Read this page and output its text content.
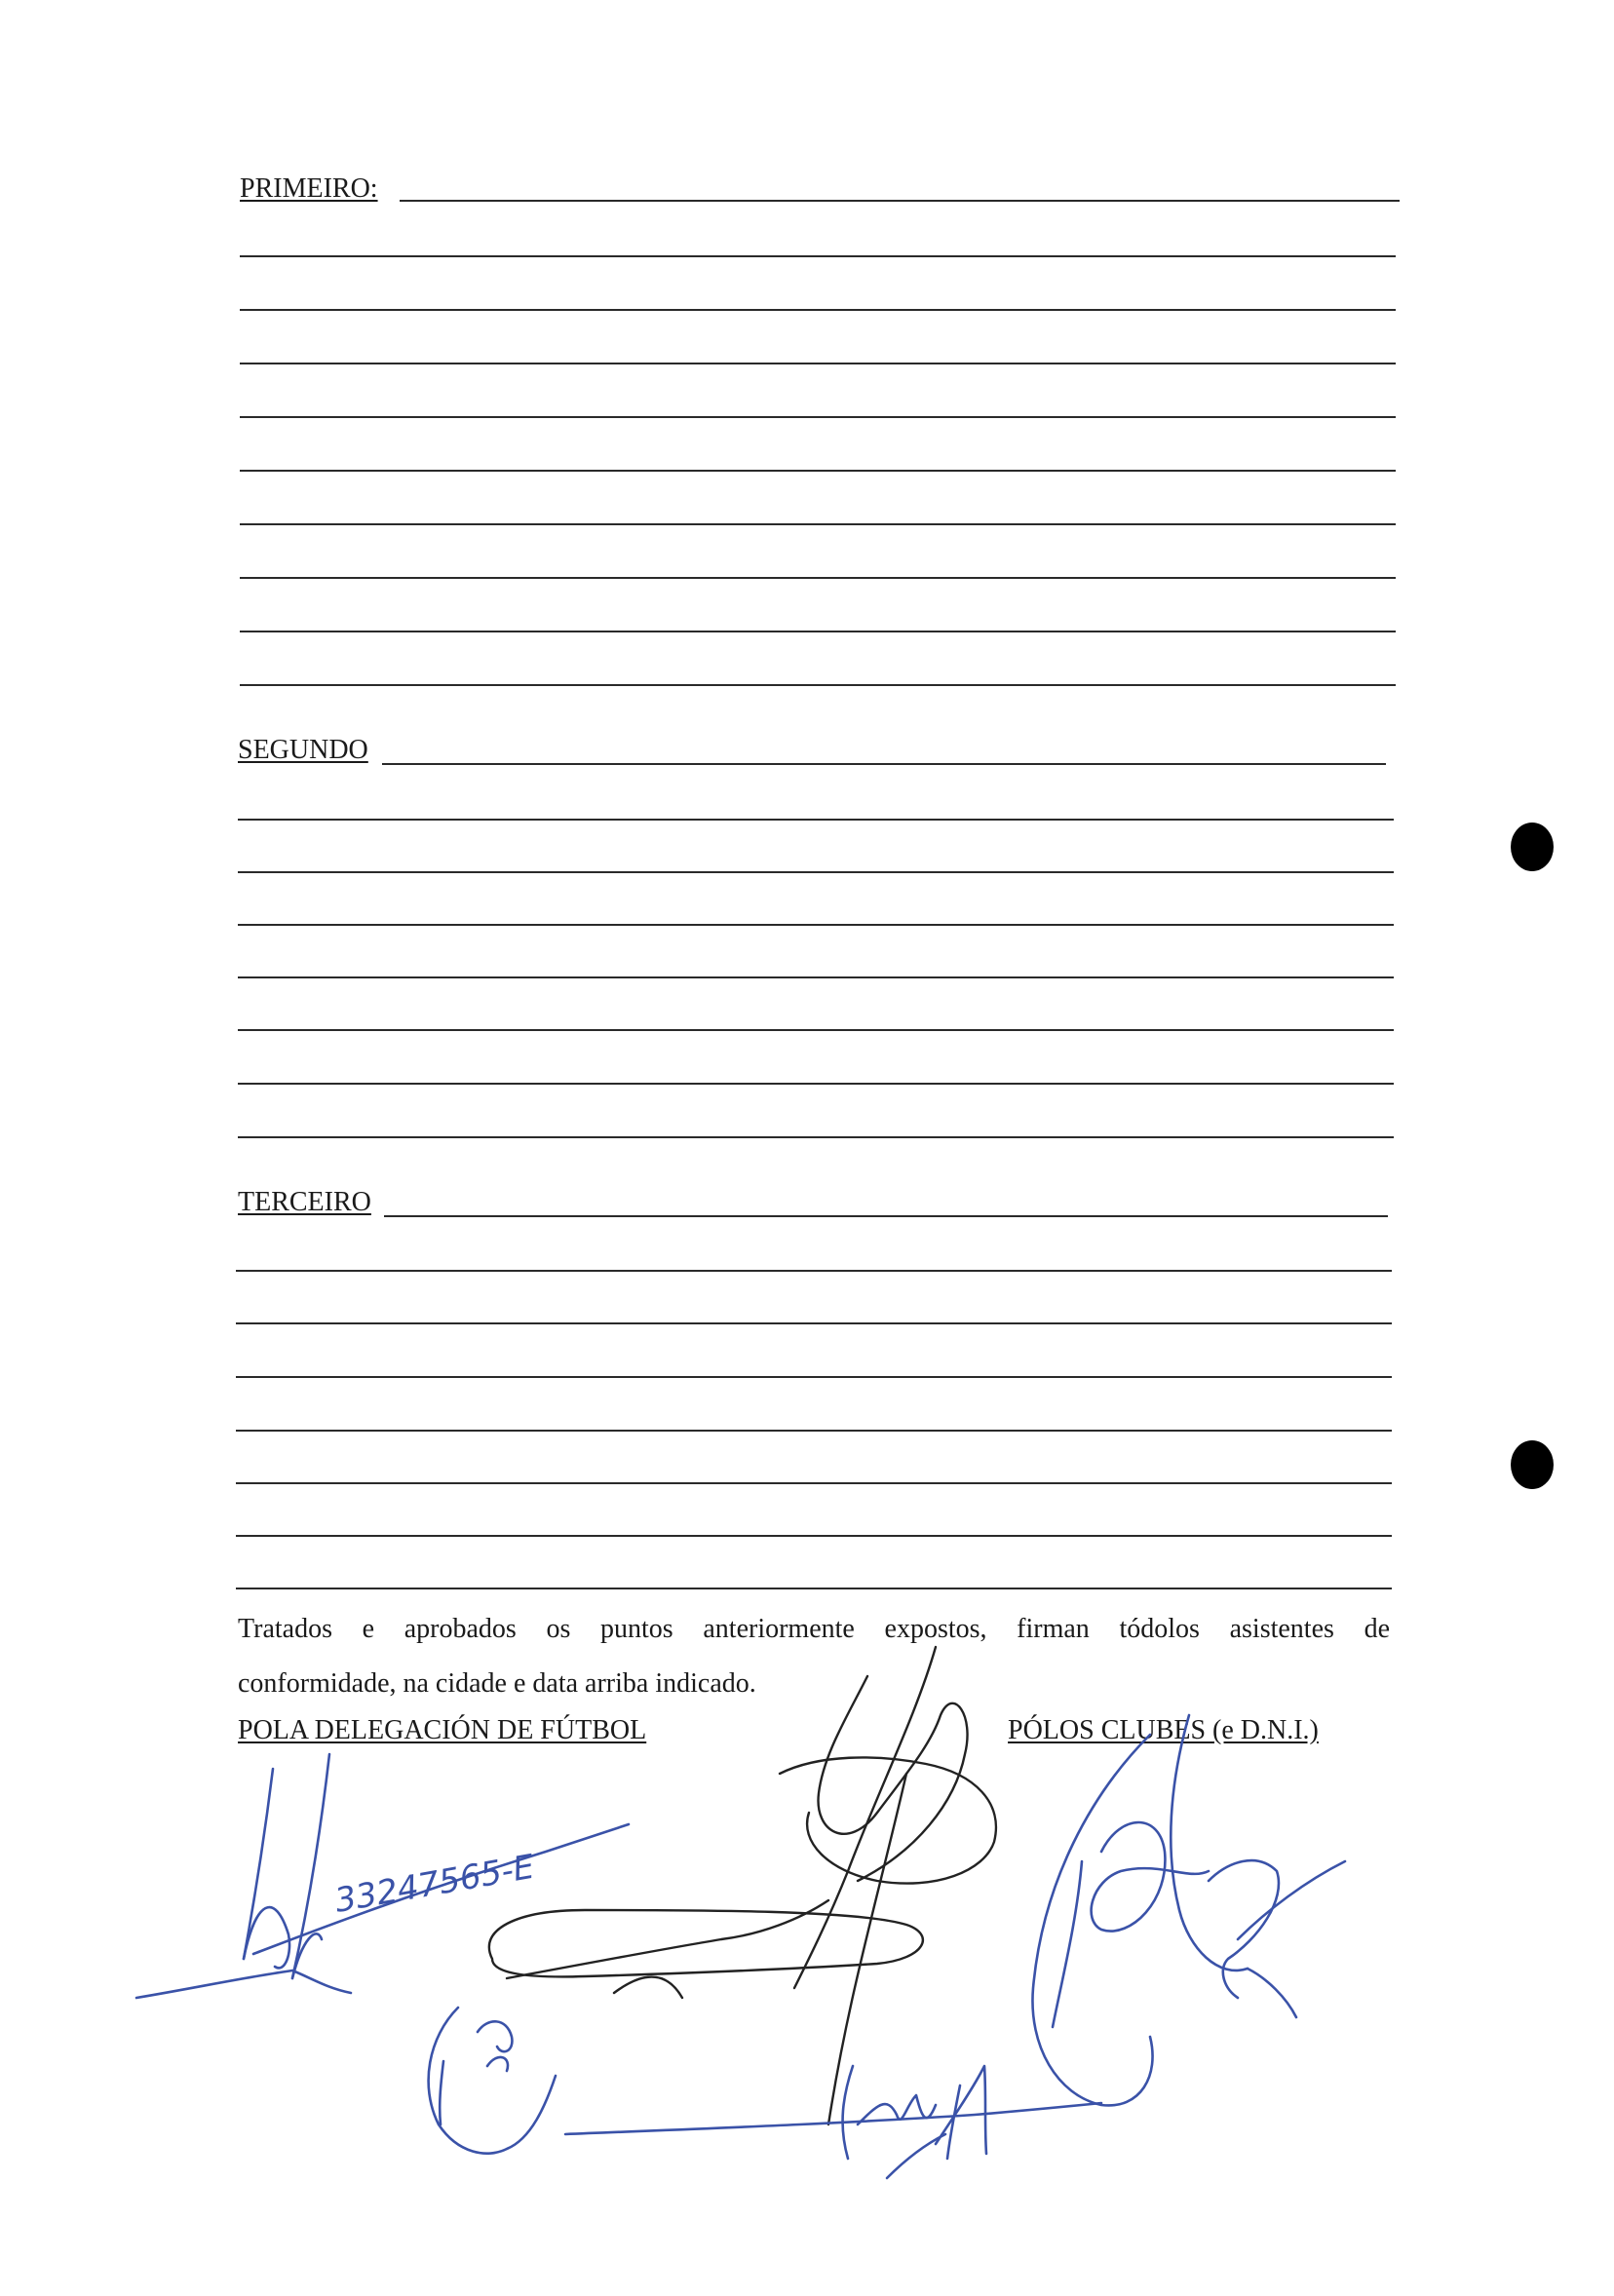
PRIMEIRO:
SEGUNDO
TERCEIRO
Tratados e aprobados os puntos anteriormente expostos, firman tódolos asistentes de
conformidade, na cidade e data arriba indicado.
POLA DELEGACIÓN DE FÚTBOL	PÓLOS CLUBES (e D.N.I.)
33247565-E
